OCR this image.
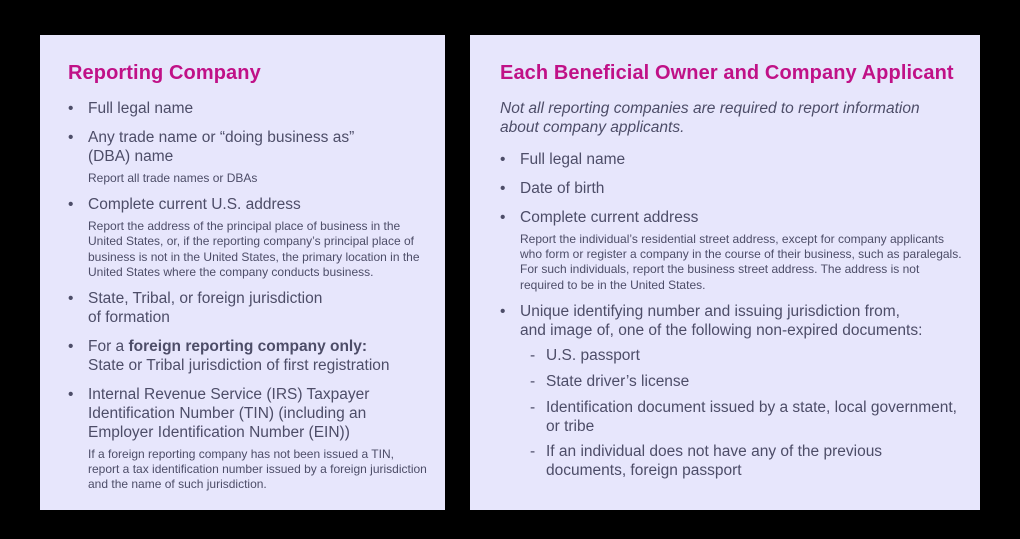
Reporting Company
• Full legal name
• Any trade name or “doing business as”
(DBA) name
Report all trade names or DBAs
• Complete current U.S. address
Report the address of the principal place of business in the United States, or, if the reporting company’s principal place of business is not in the United States, the primary location in the United States where the company conducts business.
• State, Tribal, or foreign jurisdiction
of formation
• For a foreign reporting company only:
State or Tribal jurisdiction of first registration
• Internal Revenue Service (IRS) Taxpayer Identification Number (TIN) (including an Employer Identification Number (EIN))
If a foreign reporting company has not been issued a TIN, report a tax identification number issued by a foreign jurisdiction and the name of such jurisdiction.
Each Beneficial Owner and Company Applicant

Not all reporting companies are required to report information about company applicants.

• Full legal name
• Date of birth
• Complete current address
Report the individual’s residential street address, except for company applicants who form or register a company in the course of their business, such as paralegals. For such individuals, report the business street address. The address is not required to be in the United States.
• Unique identifying number and issuing jurisdiction from,
and image of, one of the following non-expired documents:
- U.S. passport
- State driver’s license
- Identification document issued by a state, local government, or tribe
- If an individual does not have any of the previous documents, foreign passport
